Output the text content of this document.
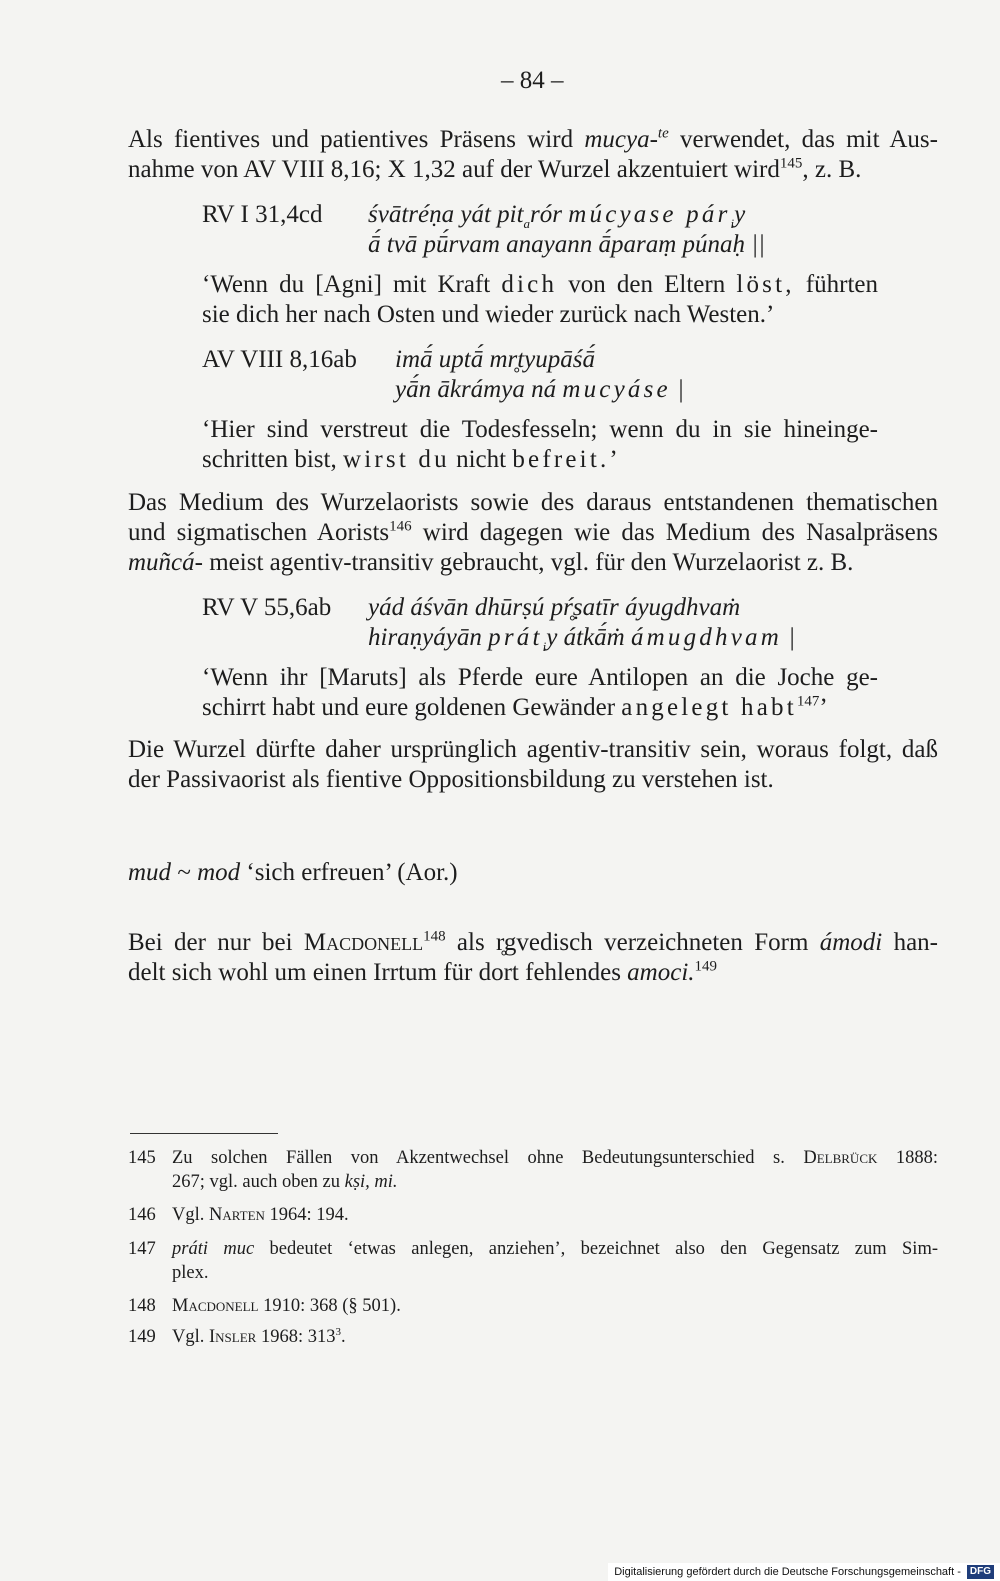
– 84 –
Als fientives und patientives Präsens wird mucya-$^{te}$ verwendet, das mit Aus-
nahme von AV VIII 8,16; X 1,32 auf der Wurzel akzentuiert wird$^{145}$, z. B.
RV I 31,4cd śvātréṇa yát pit$_a$rór múcyase pár$_i$y
ā́ tvā pū́rvam anayann ā́paraṃ púnaḥ ||
‘Wenn du [Agni] mit Kraft dich von den Eltern löst, führten
sie dich her nach Osten und wieder zurück nach Westen.’
AV VIII 8,16ab imā́ uptā́ mr̥tyupāśā́
yā́n ākrámya ná mucyáse |
‘Hier sind verstreut die Todesfesseln; wenn du in sie hineinge-
schritten bist, wirst du nicht befreit.’
Das Medium des Wurzelaorists sowie des daraus entstandenen thematischen
und sigmatischen Aorists$^{146}$ wird dagegen wie das Medium des Nasalpräsens
muñcá- meist agentiv-transitiv gebraucht, vgl. für den Wurzelaorist z. B.
RV V 55,6ab yád áśvān dhūrṣú pŕ̥ṣatīr áyugdhvaṁ
hiraṇyáyān prát$_i$y átkā́ṁ ámugdhvam |
‘Wenn ihr [Maruts] als Pferde eure Antilopen an die Joche ge-
schirrt habt und eure goldenen Gewänder angelegt habt$^{147}$’
Die Wurzel dürfte daher ursprünglich agentiv-transitiv sein, woraus folgt, daß
der Passivaorist als fientive Oppositionsbildung zu verstehen ist.
mud ~ mod ‘sich erfreuen’ (Aor.)
Bei der nur bei Macdonell$^{148}$ als r̥gvedisch verzeichneten Form ámodi han-
delt sich wohl um einen Irrtum für dort fehlendes amoci.$^{149}$
145 Zu solchen Fällen von Akzentwechsel ohne Bedeutungsunterschied s. Delbrück 1888:
267; vgl. auch oben zu kṣi, mi.
146 Vgl. Narten 1964: 194.
147 práti muc bedeutet ‘etwas anlegen, anziehen’, bezeichnet also den Gegensatz zum Sim-
plex.
148 Macdonell 1910: 368 (§ 501).
149 Vgl. Insler 1968: $313^3$.
Digitalisierung gefördert durch die Deutsche Forschungsgemeinschaft - DFG
